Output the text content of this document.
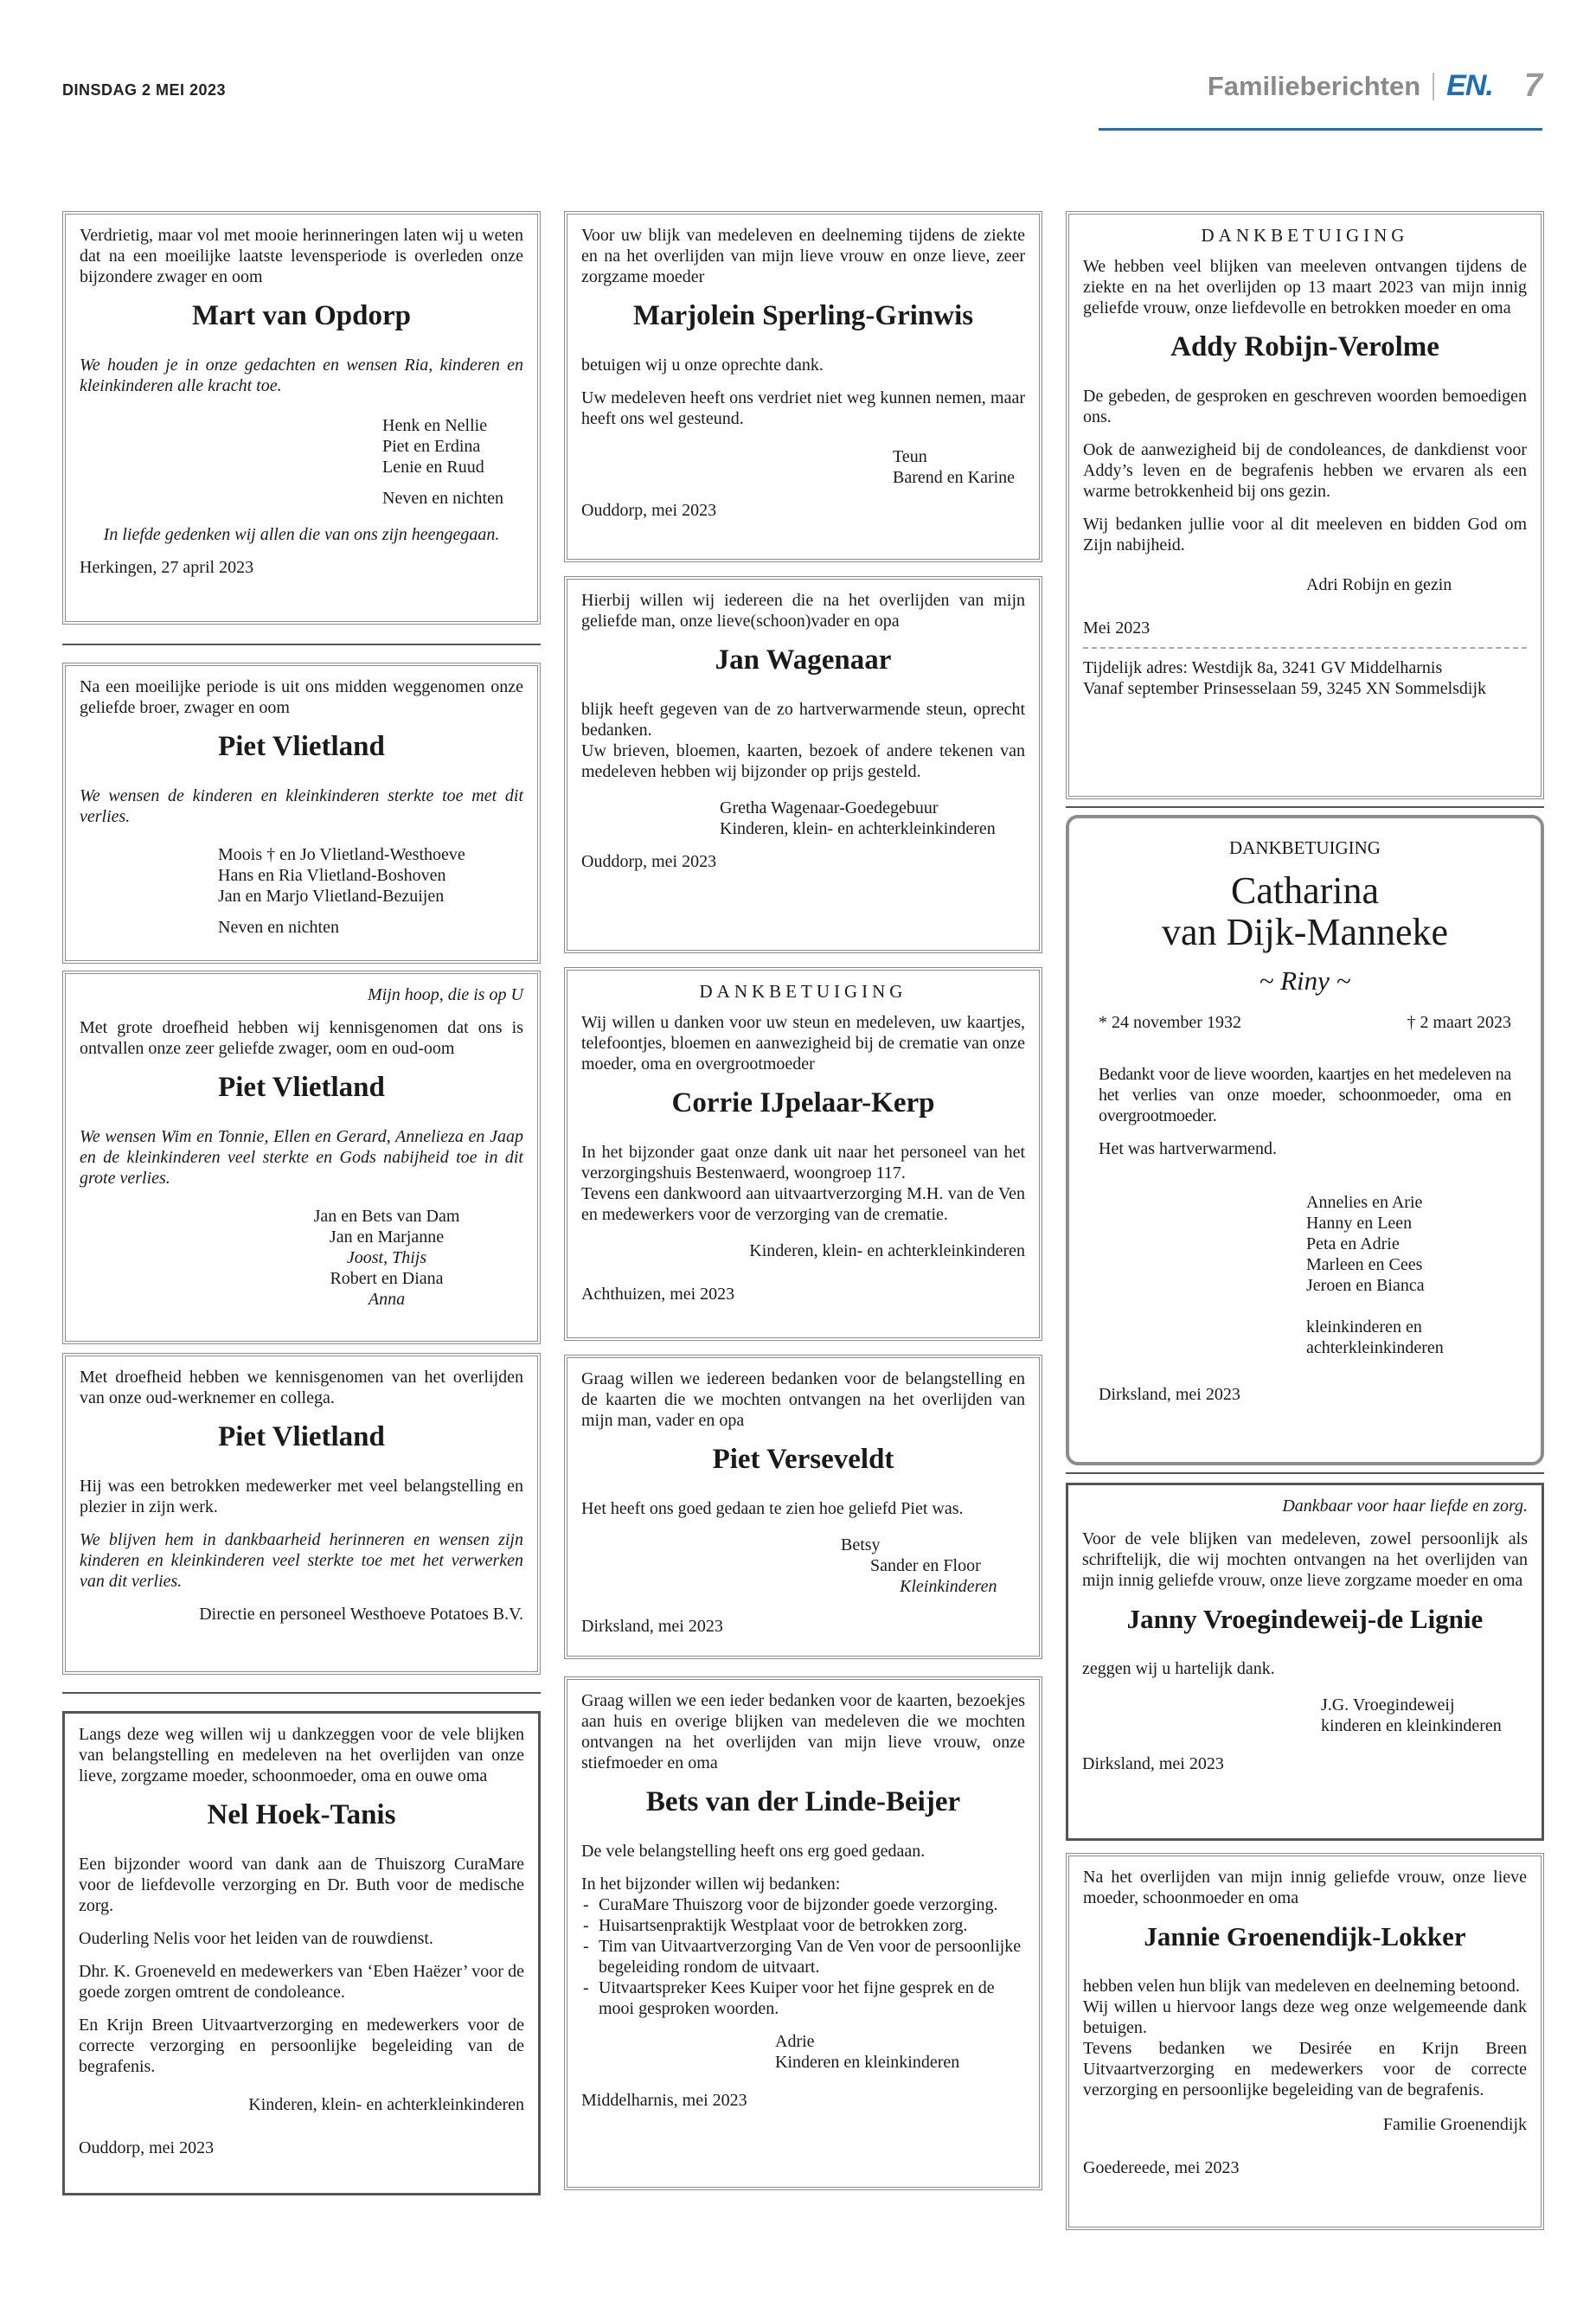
DINSDAG 2 MEI 2023	Familieberichten EN. 7

Verdrietig, maar vol met mooie herinneringen laten wij u weten dat na een moeilijke laatste levensperiode is overleden onze bijzondere zwager en oom

Mart van Opdorp

We houden je in onze gedachten en wensen Ria, kinderen en kleinkinderen alle kracht toe.

Henk en Nellie
Piet en Erdina
Lenie en Ruud
Neven en nichten

In liefde gedenken wij allen die van ons zijn heengegaan.

Herkingen, 27 april 2023

Na een moeilijke periode is uit ons midden weggenomen onze geliefde broer, zwager en oom

Piet Vlietland

We wensen de kinderen en kleinkinderen sterkte toe met dit verlies.

Moois † en Jo Vlietland-Westhoeve
Hans en Ria Vlietland-Boshoven
Jan en Marjo Vlietland-Bezuijen
Neven en nichten

Mijn hoop, die is op U

Met grote droefheid hebben wij kennisgenomen dat ons is ontvallen onze zeer geliefde zwager, oom en oud-oom

Piet Vlietland

We wensen Wim en Tonnie, Ellen en Gerard, Annelieza en Jaap en de kleinkinderen veel sterkte en Gods nabijheid toe in dit grote verlies.

Jan en Bets van Dam
Jan en Marjanne
Joost, Thijs
Robert en Diana
Anna

Met droefheid hebben we kennisgenomen van het overlijden van onze oud-werknemer en collega.

Piet Vlietland

Hij was een betrokken medewerker met veel belangstelling en plezier in zijn werk.

We blijven hem in dankbaarheid herinneren en wensen zijn kinderen en kleinkinderen veel sterkte toe met het verwerken van dit verlies.

Directie en personeel Westhoeve Potatoes B.V.

Langs deze weg willen wij u dankzeggen voor de vele blijken van belangstelling en medeleven na het overlijden van onze lieve, zorgzame moeder, schoonmoeder, oma en ouwe oma

Nel Hoek-Tanis

Een bijzonder woord van dank aan de Thuiszorg CuraMare voor de liefdevolle verzorging en Dr. Buth voor de medische zorg.

Ouderling Nelis voor het leiden van de rouwdienst.

Dhr. K. Groeneveld en medewerkers van ‘Eben Haëzer’ voor de goede zorgen omtrent de condoleance.

En Krijn Breen Uitvaartverzorging en medewerkers voor de correcte verzorging en persoonlijke begeleiding van de begrafenis.

Kinderen, klein- en achterkleinkinderen
Ouddorp, mei 2023

Voor uw blijk van medeleven en deelneming tijdens de ziekte en na het overlijden van mijn lieve vrouw en onze lieve, zeer zorgzame moeder

Marjolein Sperling-Grinwis

betuigen wij u onze oprechte dank.

Uw medeleven heeft ons verdriet niet weg kunnen nemen, maar heeft ons wel gesteund.

Teun
Barend en Karine
Ouddorp, mei 2023

Hierbij willen wij iedereen die na het overlijden van mijn geliefde man, onze lieve(schoon)vader en opa

Jan Wagenaar

blijk heeft gegeven van de zo hartverwarmende steun, oprecht bedanken.

Uw brieven, bloemen, kaarten, bezoek of andere tekenen van medeleven hebben wij bijzonder op prijs gesteld.

Gretha Wagenaar-Goedegebuur
Kinderen, klein- en achterkleinkinderen
Ouddorp, mei 2023
DANKBETUIGING

Wij willen u danken voor uw steun en medeleven, uw kaartjes, telefoontjes, bloemen en aanwezigheid bij de crematie van onze moeder, oma en overgrootmoeder

Corrie IJpelaar-Kerp

In het bijzonder gaat onze dank uit naar het personeel van het verzorgingshuis Bestenwaerd, woongroep 117.

Tevens een dankwoord aan uitvaartverzorging M.H. van de Ven en medewerkers voor de verzorging van de crematie.

Kinderen, klein- en achterkleinkinderen
Achthuizen, mei 2023

Graag willen we iedereen bedanken voor de belangstelling en de kaarten die we mochten ontvangen na het overlijden van mijn man, vader en opa

Piet Verseveldt

Het heeft ons goed gedaan te zien hoe geliefd Piet was.

Betsy
Sander en Floor
Kleinkinderen
Dirksland, mei 2023

Graag willen we een ieder bedanken voor de kaarten, bezoekjes aan huis en overige blijken van medeleven die we mochten ontvangen na het overlijden van mijn lieve vrouw, onze stiefmoeder en oma

Bets van der Linde-Beijer

De vele belangstelling heeft ons erg goed gedaan.

In het bijzonder willen wij bedanken:

- CuraMare Thuiszorg voor de bijzonder goede verzorging.
- Huisartsenpraktijk Westplaat voor de betrokken zorg.
- Tim van Uitvaartverzorging Van de Ven voor de persoonlijke begeleiding rondom de uitvaart.
- Uitvaartspreker Kees Kuiper voor het fijne gesprek en de mooi gesproken woorden.
Adrie
Kinderen en kleinkinderen
Middelharnis, mei 2023
DANKBETUIGING

We hebben veel blijken van meeleven ontvangen tijdens de ziekte en na het overlijden op 13 maart 2023 van mijn innig geliefde vrouw, onze liefdevolle en betrokken moeder en oma

Addy Robijn-Verolme

De gebeden, de gesproken en geschreven woorden bemoedigen ons.

Ook de aanwezigheid bij de condoleances, de dankdienst voor Addy’s leven en de begrafenis hebben we ervaren als een warme betrokkenheid bij ons gezin.

Wij bedanken jullie voor al dit meeleven en bidden God om Zijn nabijheid.

Adri Robijn en gezin
Mei 2023
Tijdelijk adres: Westdijk 8a, 3241 GV Middelharnis
Vanaf september Prinsesselaan 59, 3245 XN Sommelsdijk
DANKBETUIGING
Catharina
van Dijk-Manneke
~ Riny ~
* 24 november 1932	† 2 maart 2023

Bedankt voor de lieve woorden, kaartjes en het medeleven na het verlies van onze moeder, schoonmoeder, oma en overgrootmoeder.

Het was hartverwarmend.

Annelies en Arie
Hanny en Leen
Peta en Adrie
Marleen en Cees
Jeroen en Bianca
kleinkinderen en
achterkleinkinderen
Dirksland, mei 2023

Dankbaar voor haar liefde en zorg.

Voor de vele blijken van medeleven, zowel persoonlijk als schriftelijk, die wij mochten ontvangen na het overlijden van mijn innig geliefde vrouw, onze lieve zorgzame moeder en oma

Janny Vroegindeweij-de Lignie

zeggen wij u hartelijk dank.

J.G. Vroegindeweij
kinderen en kleinkinderen
Dirksland, mei 2023

Na het overlijden van mijn innig geliefde vrouw, onze lieve moeder, schoonmoeder en oma

Jannie Groenendijk-Lokker

hebben velen hun blijk van medeleven en deelneming betoond.

Wij willen u hiervoor langs deze weg onze welgemeende dank betuigen.

Tevens bedanken we Desirée en Krijn Breen Uitvaartverzorging en medewerkers voor de correcte verzorging en persoonlijke begeleiding van de begrafenis.

Familie Groenendijk
Goedereede, mei 2023
